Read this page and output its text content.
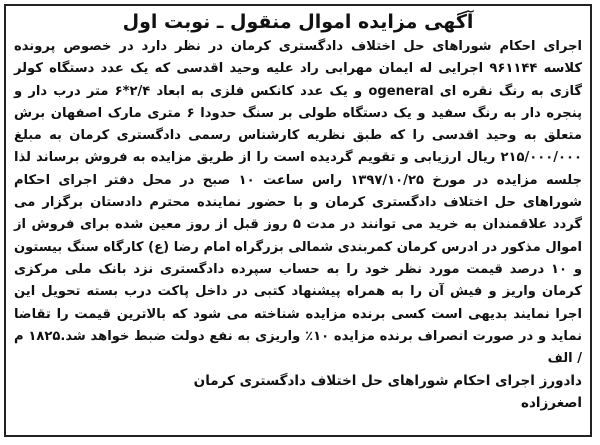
آگهی مزایده اموال منقول ـ نوبت اول

اجرای احکام شوراهای حل اختلاف دادگستری کرمان در نظر دارد در خصوص پرونده کلاسه ۹۶۱۱۴۴ اجرایی له ایمان مهرابی راد علیه وحید اقدسی که یک عدد دستگاه کولر گازی به رنگ نقره ای ogeneral و یک عدد کانکس فلزی به ابعاد ۲/۴*۶ متر درب دار و پنجره دار به رنگ سفید و یک دستگاه طولی بر سنگ حدودا ۶ متری مارک اصفهان برش متعلق به وحید اقدسی را که طبق نظریه کارشناس رسمی دادگستری کرمان به مبلغ ۲۱۵/۰۰۰/۰۰۰ ریال ارزیابی و تقویم گردیده است را از طریق مزایده به فروش برساند لذا جلسه مزایده در مورخ ۱۳۹۷/۱۰/۲۵ راس ساعت ۱۰ صبح در محل دفتر اجرای احکام شوراهای حل اختلاف دادگستری کرمان و با حضور نماینده محترم دادستان برگزار می گردد علاقمندان به خرید می توانند در مدت ۵ روز قبل از روز معین شده برای فروش از اموال مذکور در ادرس کرمان کمربندی شمالی بزرگراه امام رضا (ع) کارگاه سنگ بیستون و ۱۰ درصد قیمت مورد نظر خود را به حساب سپرده دادگستری نزد بانک ملی مرکزی کرمان واریز و فیش آن را به همراه پیشنهاد کتبی در داخل پاکت درب بسته تحویل این اجرا نمایند بدیهی است کسی برنده مزایده شناخته می شود که بالاترین قیمت را تقاضا نماید و در صورت انصراف برنده مزایده ۱۰٪ واریزی به نفع دولت ضبط خواهد شد.۱۸۲۵ م / الف

دادورز اجرای احکام شوراهای حل اختلاف دادگستری کرمان
اصغرزاده
